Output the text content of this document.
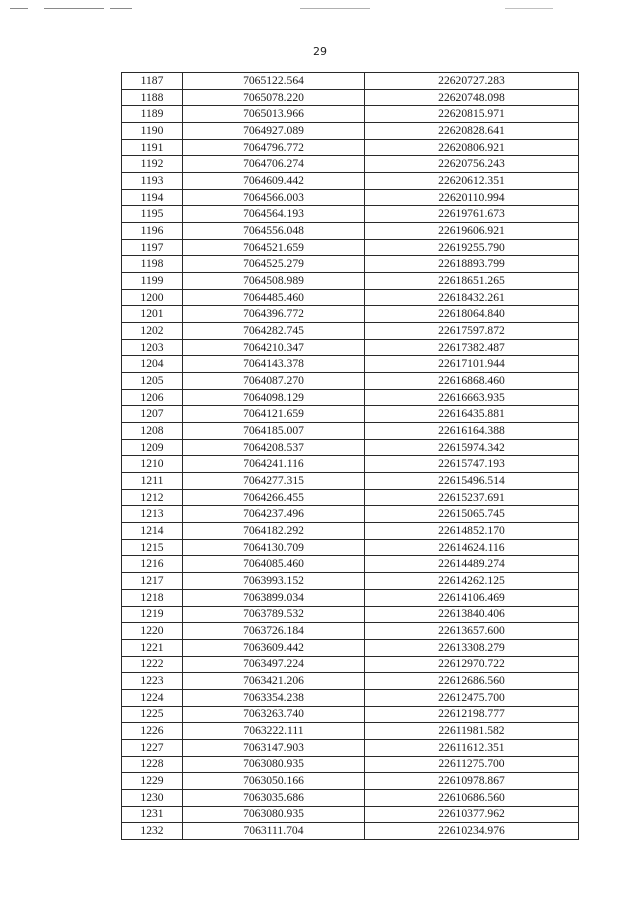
29
1187	7065122.564	22620727.283
1188	7065078.220	22620748.098
1189	7065013.966	22620815.971
1190	7064927.089	22620828.641
1191	7064796.772	22620806.921
1192	7064706.274	22620756.243
1193	7064609.442	22620612.351
1194	7064566.003	22620110.994
1195	7064564.193	22619761.673
1196	7064556.048	22619606.921
1197	7064521.659	22619255.790
1198	7064525.279	22618893.799
1199	7064508.989	22618651.265
1200	7064485.460	22618432.261
1201	7064396.772	22618064.840
1202	7064282.745	22617597.872
1203	7064210.347	22617382.487
1204	7064143.378	22617101.944
1205	7064087.270	22616868.460
1206	7064098.129	22616663.935
1207	7064121.659	22616435.881
1208	7064185.007	22616164.388
1209	7064208.537	22615974.342
1210	7064241.116	22615747.193
1211	7064277.315	22615496.514
1212	7064266.455	22615237.691
1213	7064237.496	22615065.745
1214	7064182.292	22614852.170
1215	7064130.709	22614624.116
1216	7064085.460	22614489.274
1217	7063993.152	22614262.125
1218	7063899.034	22614106.469
1219	7063789.532	22613840.406
1220	7063726.184	22613657.600
1221	7063609.442	22613308.279
1222	7063497.224	22612970.722
1223	7063421.206	22612686.560
1224	7063354.238	22612475.700
1225	7063263.740	22612198.777
1226	7063222.111	22611981.582
1227	7063147.903	22611612.351
1228	7063080.935	22611275.700
1229	7063050.166	22610978.867
1230	7063035.686	22610686.560
1231	7063080.935	22610377.962
1232	7063111.704	22610234.976
